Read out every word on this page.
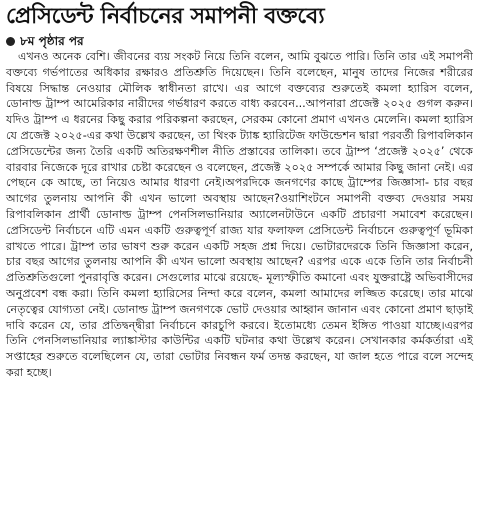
প্রেসিডেন্ট নির্বাচনের সমাপনী বক্তব্যে
৮ম পৃষ্ঠার পর

এখনও অনেক বেশি। জীবনের ব্যয় সংকট নিয়ে তিনি বলেন, আমি বুঝতে পারি। তিনি তার এই সমাপনী বক্তব্যে গর্ভপাতের অধিকার রক্ষারও প্রতিশ্রুতি দিয়েছেন। তিনি বলেছেন, মানুষ তাদের নিজের শরীরের বিষয়ে সিদ্ধান্ত নেওয়ার মৌলিক স্বাধীনতা রাখে। এর আগে বক্তব্যের শুরুতেই কমলা হ্যারিস বলেন, ডোনাল্ড ট্রাম্প আমেরিকার নারীদের গর্ভধারণ করতে বাধ্য করবেন...আপনারা প্রজেক্ট ২০২৫ গুগল করুন। যদিও ট্রাম্প এ ধরনের কিছু করার পরিকল্পনা করছেন, সেরকম কোনো প্রমাণ এখনও মেলেনি। কমলা হ্যারিস যে প্রজেক্ট ২০২৫-এর কথা উল্লেখ করছেন, তা থিংক ট্যাঙ্ক হ্যারিটেজ ফাউন্ডেশন দ্বারা পরবর্তী রিপাবলিকান প্রেসিডেন্টের জন্য তৈরি একটি অতিরক্ষণশীল নীতি প্রস্তাবের তালিকা। তবে ট্রাম্প ‘প্রজেক্ট ২০২৫’ থেকে বারবার নিজেকে দূরে রাখার চেষ্টা করেছেন ও বলেছেন, প্রজেক্ট ২০২৫ সম্পর্কে আমার কিছু জানা নেই। এর পেছনে কে আছে, তা নিয়েও আমার ধারণা নেই।অপরদিকে জনগণের কাছে ট্রাম্পের জিজ্ঞাসা- চার বছর আগের তুলনায় আপনি কী এখন ভালো অবস্থায় আছেন?ওয়াশিংটনে সমাপনী বক্তব্য দেওয়ার সময় রিপাবলিকান প্রার্থী ডোনাল্ড ট্রাম্প পেনসিলভানিয়ার অ্যালেনটাউনে একটি প্রচারণা সমাবেশ করেছেন। প্রেসিডেন্ট নির্বাচনে এটি এমন একটি গুরুত্বপূর্ণ রাজ্য যার ফলাফল প্রেসিডেন্ট নির্বাচনে গুরুত্বপূর্ণ ভূমিকা রাখতে পারে। ট্রাম্প তার ভাষণ শুরু করেন একটি সহজ প্রশ্ন দিয়ে। ভোটারদেরকে তিনি জিজ্ঞাসা করেন, চার বছর আগের তুলনায় আপনি কী এখন ভালো অবস্থায় আছেন? এরপর একে একে তিনি তার নির্বাচনী প্রতিশ্রুতিগুলো পুনরাবৃত্তি করেন। সেগুলোর মাঝে রয়েছে- মূল্যস্ফীতি কমানো এবং যুক্তরাষ্ট্রে অভিবাসীদের অনুপ্রবেশ বন্ধ করা। তিনি কমলা হ্যারিসের নিন্দা করে বলেন, কমলা আমাদের লজ্জিত করেছে। তার মাঝে নেতৃত্বের যোগ্যতা নেই। ডোনাল্ড ট্রাম্প জনগণকে ভোট দেওয়ার আহ্বান জানান এবং কোনো প্রমাণ ছাড়াই দাবি করেন যে, তার প্রতিদ্বন্দ্বীরা নির্বাচনে কারচুপি করবে। ইতোমধ্যে তেমন ইঙ্গিত পাওয়া যাচ্ছে।এরপর তিনি পেনসিলভানিয়ার ল্যাঙ্কাস্টার কাউন্টির একটি ঘটনার কথা উল্লেখ করেন। সেখানকার কর্মকর্তারা এই সপ্তাহের শুরুতে বলেছিলেন যে, তারা ভোটার নিবন্ধন ফর্ম তদন্ত করছেন, যা জাল হতে পারে বলে সন্দেহ করা হচ্ছে।
